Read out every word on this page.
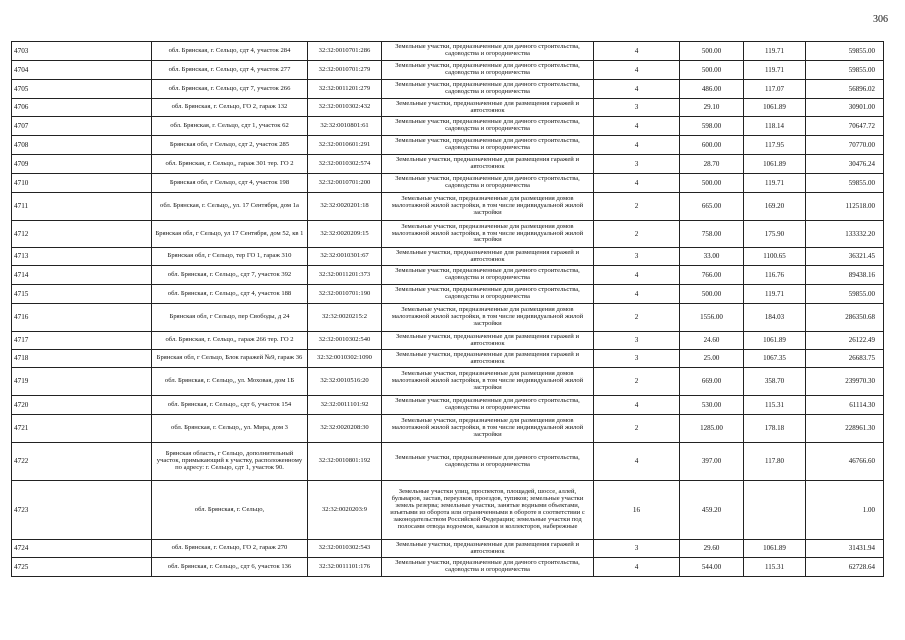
306
4703	обл. Брянская, г. Сельцо, сдт 4, участок 284	32:32:0010701:286	Земельные участки, предназначенные для дачного строительства, садоводства и огородничества	4	500.00	119.71	59855.00
4704	обл. Брянская, г. Сельцо, сдт 4, участок 277	32:32:0010701:279	Земельные участки, предназначенные для дачного строительства, садоводства и огородничества	4	500.00	119.71	59855.00
4705	обл. Брянская, г. Сельцо, сдт 7, участок 266	32:32:0011201:279	Земельные участки, предназначенные для дачного строительства, садоводства и огородничества	4	486.00	117.07	56896.02
4706	обл. Брянская, г. Сельцо, ГО 2, гараж 132	32:32:0010302:432	Земельные участки, предназначенные для размещения гаражей и автостоянок	3	29.10	1061.89	30901.00
4707	обл. Брянская, г. Сельцо, сдт 1, участок 62	32:32:0010801:61	Земельные участки, предназначенные для дачного строительства, садоводства и огородничества	4	598.00	118.14	70647.72
4708	Брянская обл, г Сельцо, сдт 2, участок 285	32:32:0010601:291	Земельные участки, предназначенные для дачного строительства, садоводства и огородничества	4	600.00	117.95	70770.00
4709	обл. Брянская, г. Сельцо,, гараж 301 тер. ГО 2	32:32:0010302:574	Земельные участки, предназначенные для размещения гаражей и автостоянок	3	28.70	1061.89	30476.24
4710	Брянская обл, г Сельцо, сдт 4, участок 198	32:32:0010701:200	Земельные участки, предназначенные для дачного строительства, садоводства и огородничества	4	500.00	119.71	59855.00
4711	обл. Брянская, г. Сельцо,, ул. 17 Сентября, дом 1а	32:32:0020201:18	Земельные участки, предназначенные для размещения домов малоэтажной жилой застройки, в том числе индивидуальной жилой застройки	2	665.00	169.20	112518.00
4712	Брянская обл, г Сельцо, ул 17 Сентября, дом 52, кв 1	32:32:0020209:15	Земельные участки, предназначенные для размещения домов малоэтажной жилой застройки, в том числе индивидуальной жилой застройки	2	758.00	175.90	133332.20
4713	Брянская обл, г Сельцо, тер ГО 1, гараж 310	32:32:0010301:67	Земельные участки, предназначенные для размещения гаражей и автостоянок	3	33.00	1100.65	36321.45
4714	обл. Брянская, г. Сельцо,, сдт 7, участок 392	32:32:0011201:373	Земельные участки, предназначенные для дачного строительства, садоводства и огородничества	4	766.00	116.76	89438.16
4715	обл. Брянская, г. Сельцо,, сдт 4, участок 188	32:32:0010701:190	Земельные участки, предназначенные для дачного строительства, садоводства и огородничества	4	500.00	119.71	59855.00
4716	Брянская обл, г Сельцо, пер Свободы, д 24	32:32:0020215:2	Земельные участки, предназначенные для размещения домов малоэтажной жилой застройки, в том числе индивидуальной жилой застройки	2	1556.00	184.03	286350.68
4717	обл. Брянская, г. Сельцо,, гараж 266 тер. ГО 2	32:32:0010302:540	Земельные участки, предназначенные для размещения гаражей и автостоянок	3	24.60	1061.89	26122.49
4718	Брянская обл, г Сельцо, Блок гаражей №9, гараж 36	32:32:0010302:1090	Земельные участки, предназначенные для размещения гаражей и автостоянок	3	25.00	1067.35	26683.75
4719	обл. Брянская, г. Сельцо,, ул. Моховая, дом 1Б	32:32:0010516:20	Земельные участки, предназначенные для размещения домов малоэтажной жилой застройки, в том числе индивидуальной жилой застройки	2	669.00	358.70	239970.30
4720	обл. Брянская, г. Сельцо,, сдт 6, участок 154	32:32:0011101:92	Земельные участки, предназначенные для дачного строительства, садоводства и огородничества	4	530.00	115.31	61114.30
4721	обл. Брянская, г. Сельцо,, ул. Мира, дом 3	32:32:0020208:30	Земельные участки, предназначенные для размещения домов малоэтажной жилой застройки, в том числе индивидуальной жилой застройки	2	1285.00	178.18	228961.30
4722	Брянская область, г Сельцо, дополнительный участок, примыкающий к участку, расположенному по адресу: г. Сельцо, сдт 1, участок 90.	32:32:0010801:192	Земельные участки, предназначенные для дачного строительства, садоводства и огородничества	4	397.00	117.80	46766.60
4723	обл. Брянская, г. Сельцо,	32:32:0020203:9	Земельные участки улиц, проспектов, площадей, шоссе, аллей, бульваров, застав, переулков, проездов, тупиков; земельные участки земель резерва; земельные участки, занятые водными объектами, изъятыми из оборота или ограниченными в обороте в соответствии с законодательством Российской Федерации; земельные участки под полосами отвода водоемов, каналов и коллекторов, набережные	16	459.20		1.00
4724	обл. Брянская, г. Сельцо, ГО 2, гараж 270	32:32:0010302:543	Земельные участки, предназначенные для размещения гаражей и автостоянок	3	29.60	1061.89	31431.94
4725	обл. Брянская, г. Сельцо,, сдт 6, участок 136	32:32:0011101:176	Земельные участки, предназначенные для дачного строительства, садоводства и огородничества	4	544.00	115.31	62728.64
